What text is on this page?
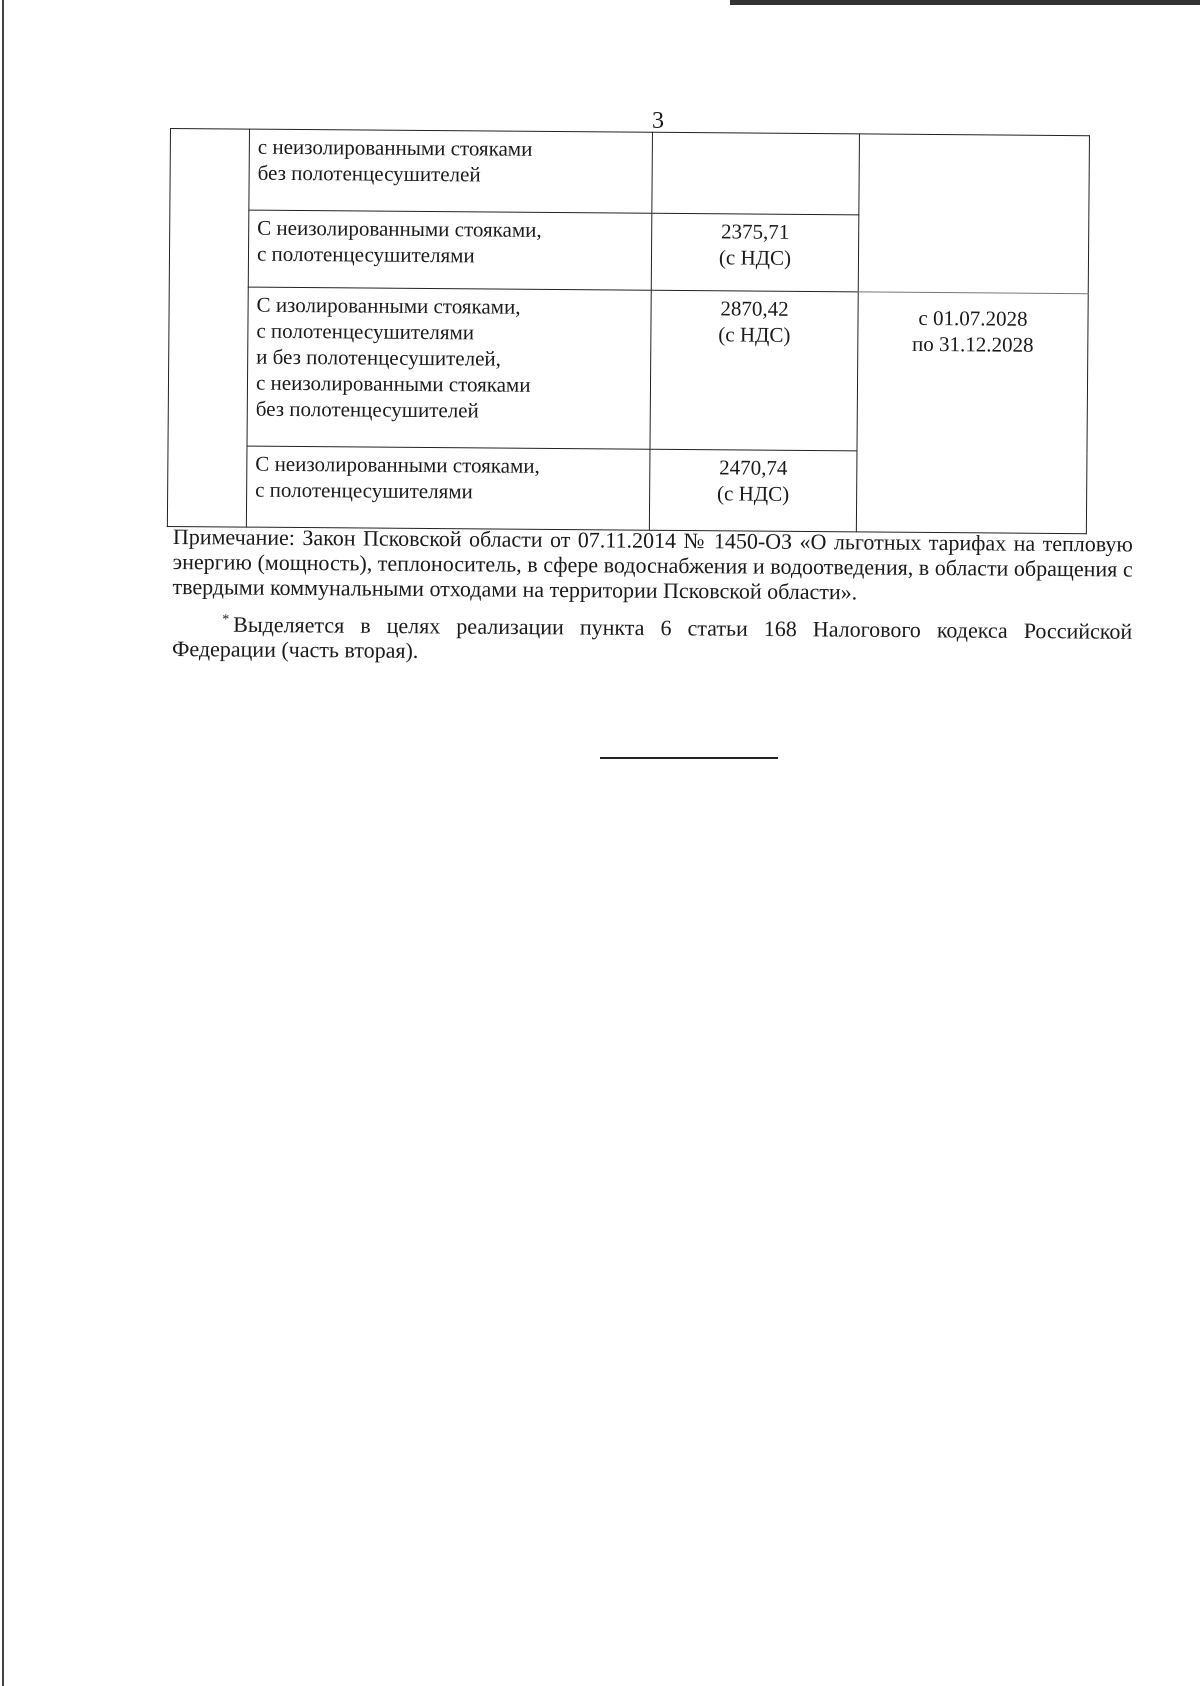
3

	с неизолированными стояками
без полотенцесушителей		

	С неизолированными стояками,
с полотенцесушителями	2375,71
(с НДС)	

	С изолированными стояками,
с полотенцесушителями
и без полотенцесушителей,
с неизолированными стояками
без полотенцесушителей	2870,42
(с НДС)	с 01.07.2028
по 31.12.2028

	С неизолированными стояками,
с полотенцесушителями	2470,74
(с НДС)	

Примечание: Закон Псковской области от 07.11.2014 № 1450-ОЗ «О льготных тарифах на тепловую энергию (мощность), теплоноситель, в сфере водоснабжения и водоотведения, в области обращения с твердыми коммунальными отходами на территории Псковской области».

* Выделяется в целях реализации пункта 6 статьи 168 Налогового кодекса Российской Федерации (часть вторая).
